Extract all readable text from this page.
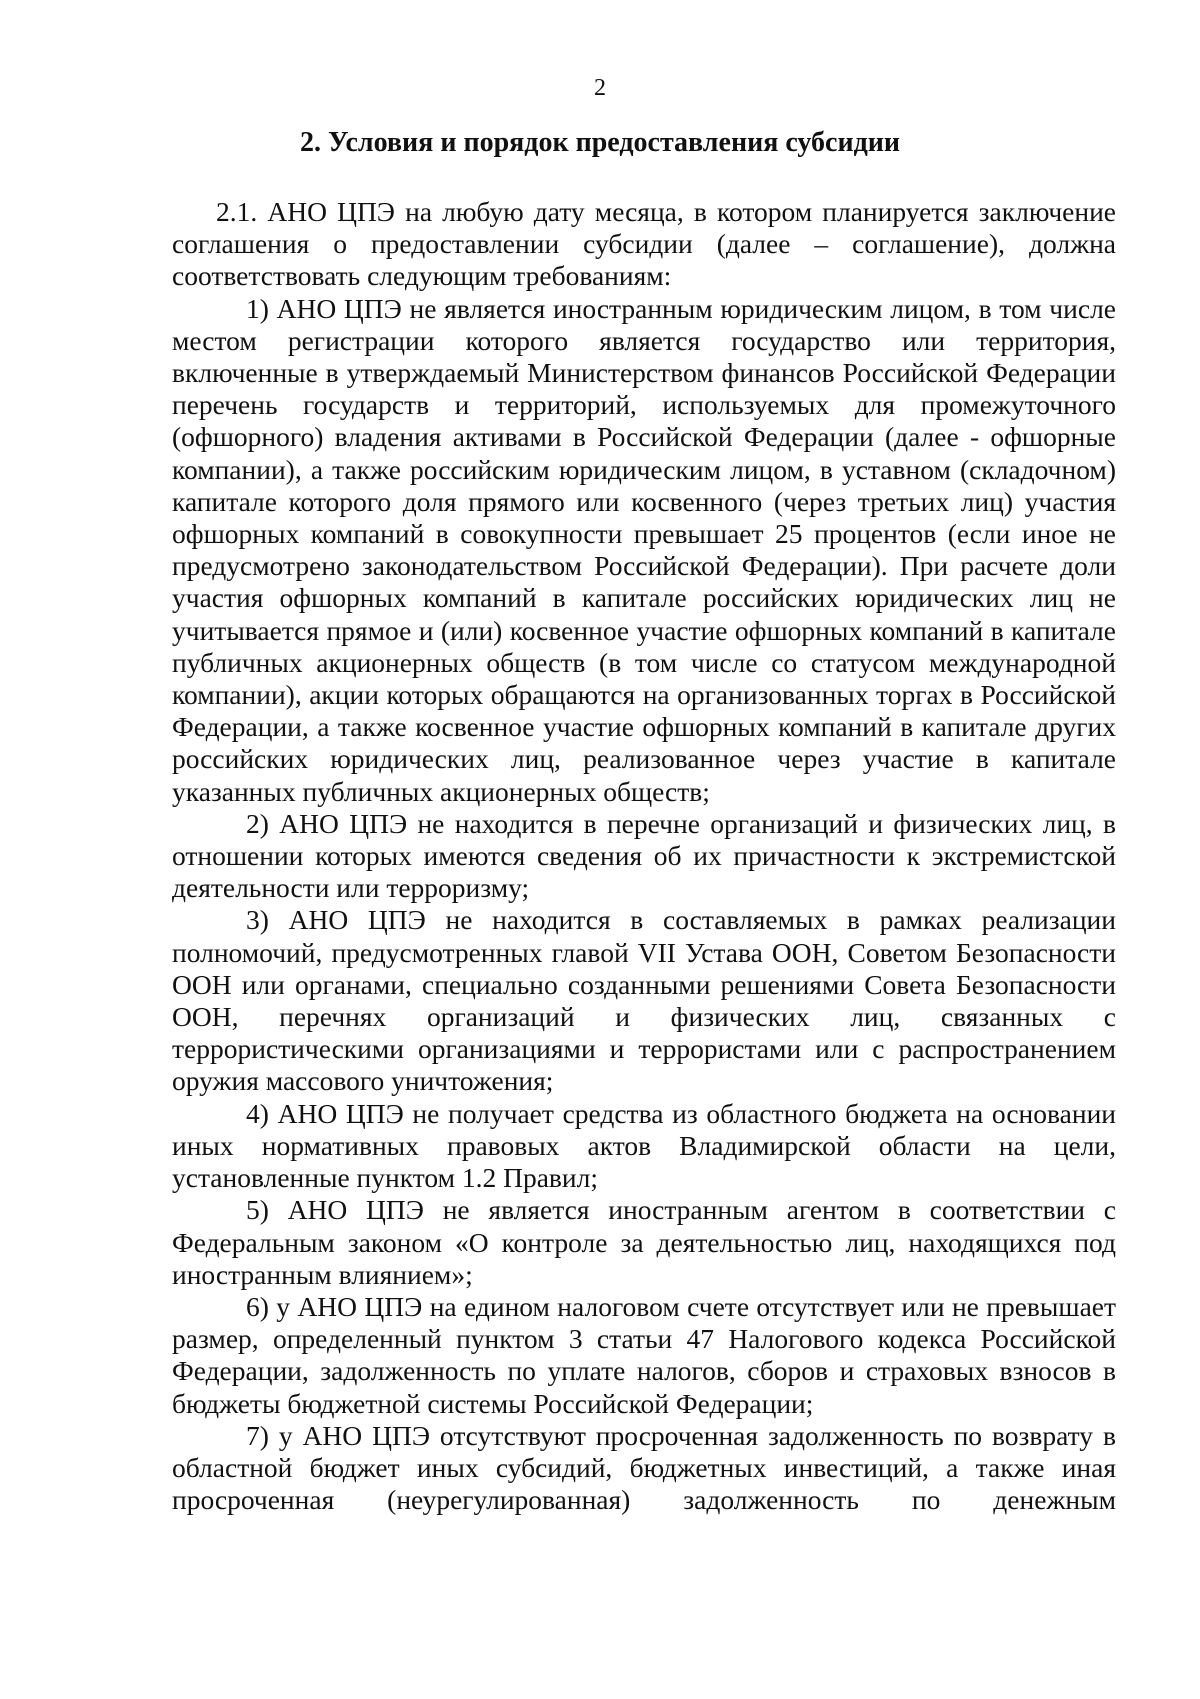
2
2. Условия и порядок предоставления субсидии

2.1. АНО ЦПЭ на любую дату месяца, в котором планируется заключение соглашения о предоставлении субсидии (далее – соглашение), должна соответствовать следующим требованиям:

1) АНО ЦПЭ не является иностранным юридическим лицом, в том числе местом регистрации которого является государство или территория, включенные в утверждаемый Министерством финансов Российской Федерации перечень государств и территорий, используемых для промежуточного (офшорного) владения активами в Российской Федерации (далее - офшорные компании), а также российским юридическим лицом, в уставном (складочном) капитале которого доля прямого или косвенного (через третьих лиц) участия офшорных компаний в совокупности превышает 25 процентов (если иное не предусмотрено законодательством Российской Федерации). При расчете доли участия офшорных компаний в капитале российских юридических лиц не учитывается прямое и (или) косвенное участие офшорных компаний в капитале публичных акционерных обществ (в том числе со статусом международной компании), акции которых обращаются на организованных торгах в Российской Федерации, а также косвенное участие офшорных компаний в капитале других российских юридических лиц, реализованное через участие в капитале указанных публичных акционерных обществ;

2) АНО ЦПЭ не находится в перечне организаций и физических лиц, в отношении которых имеются сведения об их причастности к экстремистской деятельности или терроризму;

3) АНО ЦПЭ не находится в составляемых в рамках реализации полномочий, предусмотренных главой VII Устава ООН, Советом Безопасности ООН или органами, специально созданными решениями Совета Безопасности ООН, перечнях организаций и физических лиц, связанных с террористическими организациями и террористами или с распространением оружия массового уничтожения;

4) АНО ЦПЭ не получает средства из областного бюджета на основании иных нормативных правовых актов Владимирской области на цели, установленные пунктом 1.2 Правил;

5) АНО ЦПЭ не является иностранным агентом в соответствии с Федеральным законом «О контроле за деятельностью лиц, находящихся под иностранным влиянием»;

6) у АНО ЦПЭ на едином налоговом счете отсутствует или не превышает размер, определенный пунктом 3 статьи 47 Налогового кодекса Российской Федерации, задолженность по уплате налогов, сборов и страховых взносов в бюджеты бюджетной системы Российской Федерации;

7) у АНО ЦПЭ отсутствуют просроченная задолженность по возврату в областной бюджет иных субсидий, бюджетных инвестиций, а также иная просроченная (неурегулированная) задолженность по денежным
